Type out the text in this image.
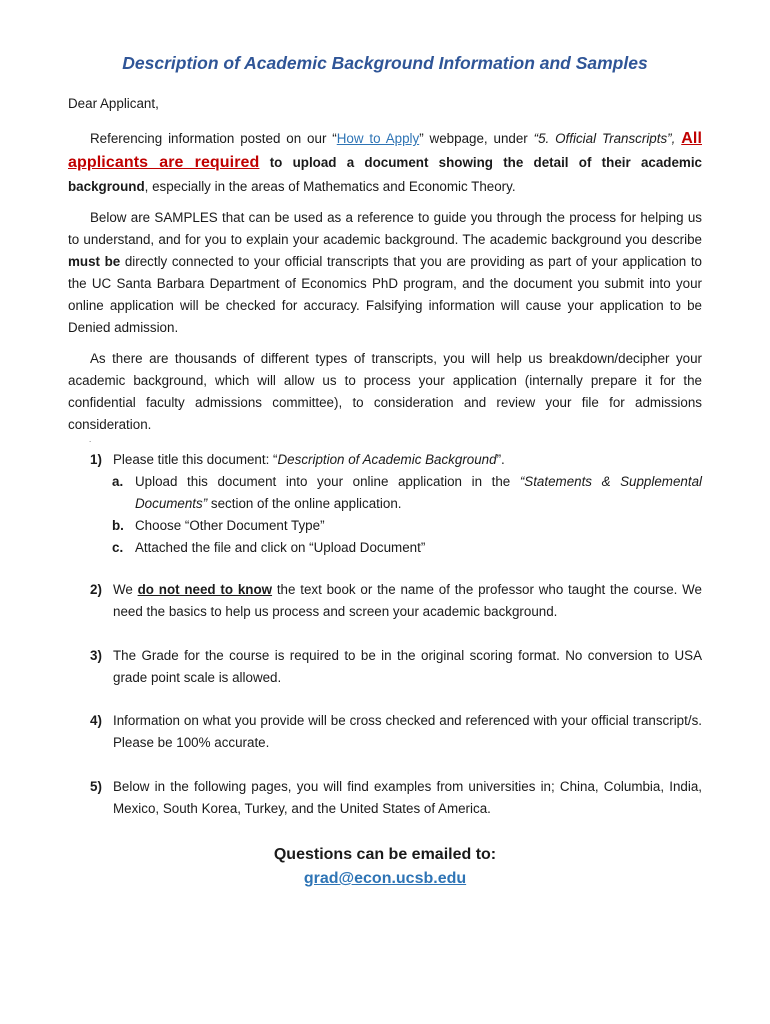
Description of Academic Background Information and Samples
Dear Applicant,
Referencing information posted on our “How to Apply” webpage, under “5. Official Transcripts”, All applicants are required to upload a document showing the detail of their academic background, especially in the areas of Mathematics and Economic Theory.
Below are SAMPLES that can be used as a reference to guide you through the process for helping us to understand, and for you to explain your academic background. The academic background you describe must be directly connected to your official transcripts that you are providing as part of your application to the UC Santa Barbara Department of Economics PhD program, and the document you submit into your online application will be checked for accuracy. Falsifying information will cause your application to be Denied admission.
As there are thousands of different types of transcripts, you will help us breakdown/decipher your academic background, which will allow us to process your application (internally prepare it for the confidential faculty admissions committee), to consideration and review your file for admissions consideration.
.
1) Please title this document: “Description of Academic Background”.
a. Upload this document into your online application in the “Statements & Supplemental Documents” section of the online application.
b. Choose “Other Document Type”
c. Attached the file and click on “Upload Document”
2) We do not need to know the text book or the name of the professor who taught the course. We need the basics to help us process and screen your academic background.
3) The Grade for the course is required to be in the original scoring format. No conversion to USA grade point scale is allowed.
4) Information on what you provide will be cross checked and referenced with your official transcript/s. Please be 100% accurate.
5) Below in the following pages, you will find examples from universities in; China, Columbia, India, Mexico, South Korea, Turkey, and the United States of America.
Questions can be emailed to:
grad@econ.ucsb.edu
